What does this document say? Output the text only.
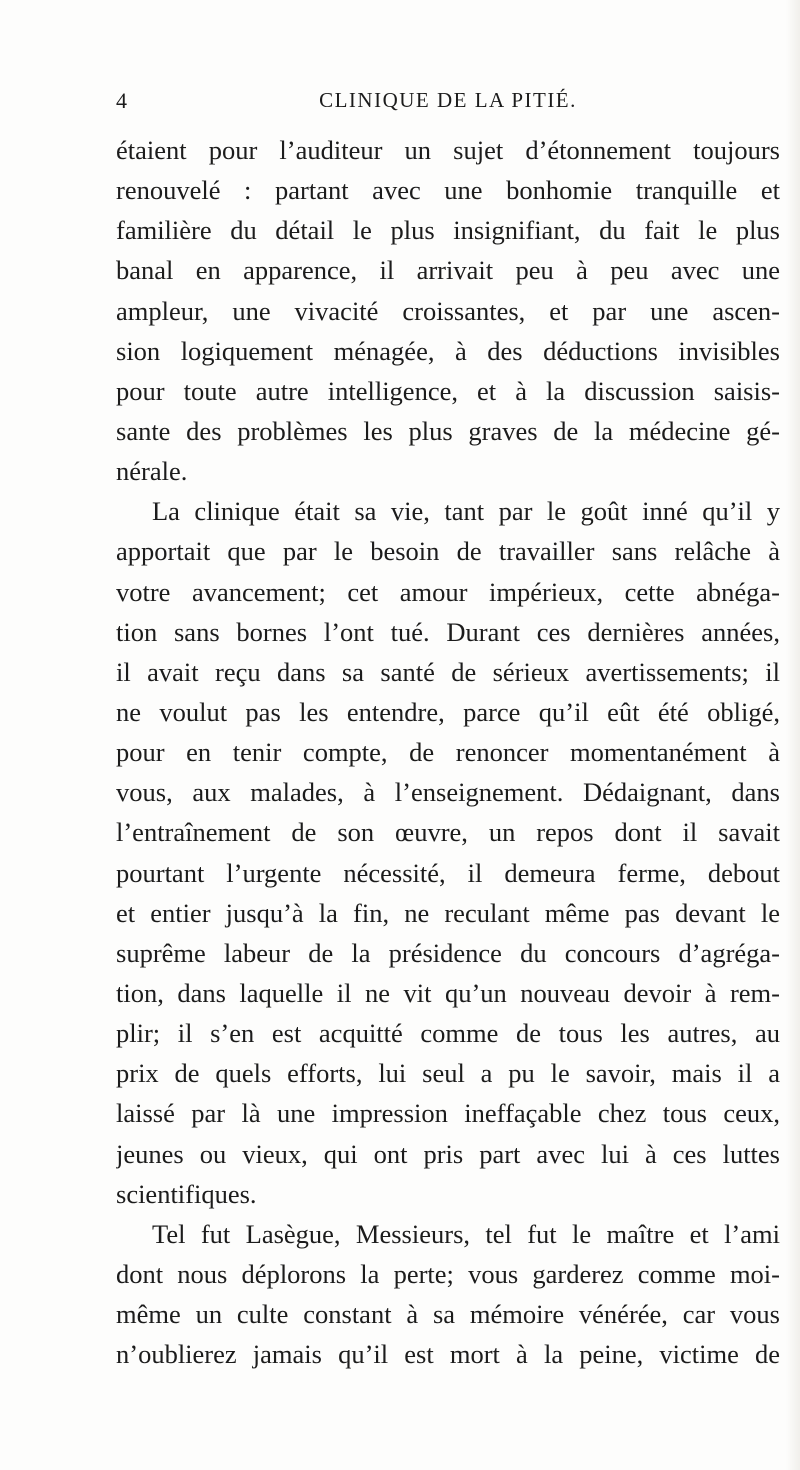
4	CLINIQUE DE LA PITIÉ.
étaient pour l’auditeur un sujet d’étonnement toujours
renouvelé : partant avec une bonhomie tranquille et
familière du détail le plus insignifiant, du fait le plus
banal en apparence, il arrivait peu à peu avec une
ampleur, une vivacité croissantes, et par une ascen-
sion logiquement ménagée, à des déductions invisibles
pour toute autre intelligence, et à la discussion saisis-
sante des problèmes les plus graves de la médecine gé-
nérale.
La clinique était sa vie, tant par le goût inné qu’il y
apportait que par le besoin de travailler sans relâche à
votre avancement; cet amour impérieux, cette abnéga-
tion sans bornes l’ont tué. Durant ces dernières années,
il avait reçu dans sa santé de sérieux avertissements; il
ne voulut pas les entendre, parce qu’il eût été obligé,
pour en tenir compte, de renoncer momentanément à
vous, aux malades, à l’enseignement. Dédaignant, dans
l’entraînement de son œuvre, un repos dont il savait
pourtant l’urgente nécessité, il demeura ferme, debout
et entier jusqu’à la fin, ne reculant même pas devant le
suprême labeur de la présidence du concours d’agréga-
tion, dans laquelle il ne vit qu’un nouveau devoir à rem-
plir; il s’en est acquitté comme de tous les autres, au
prix de quels efforts, lui seul a pu le savoir, mais il a
laissé par là une impression ineffaçable chez tous ceux,
jeunes ou vieux, qui ont pris part avec lui à ces luttes
scientifiques.
Tel fut Lasègue, Messieurs, tel fut le maître et l’ami
dont nous déplorons la perte; vous garderez comme moi-
même un culte constant à sa mémoire vénérée, car vous
n’oublierez jamais qu’il est mort à la peine, victime de
